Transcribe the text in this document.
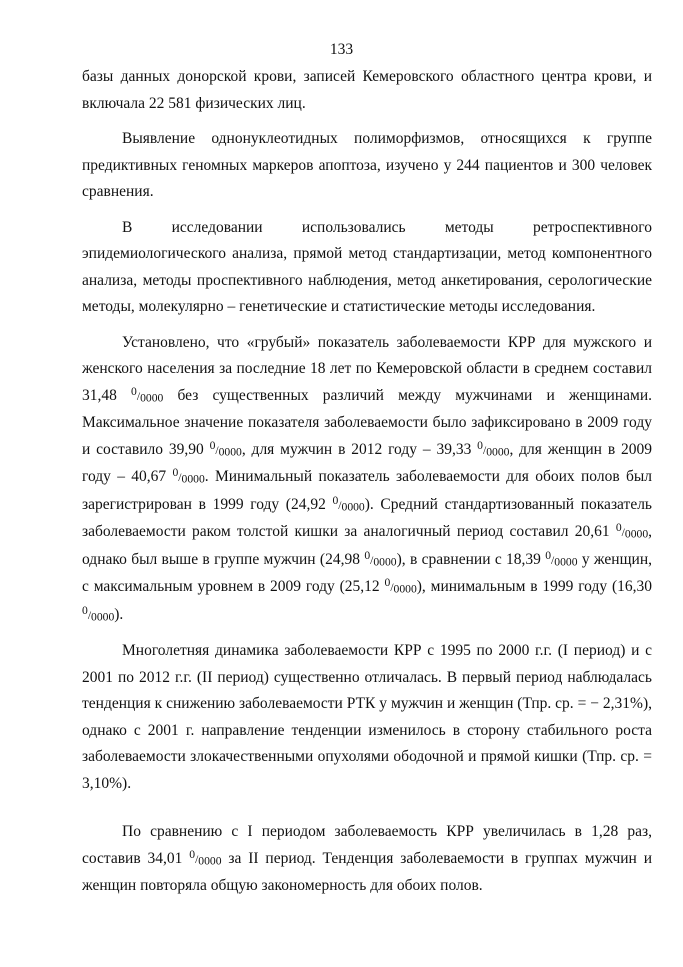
133

базы данных донорской крови, записей Кемеровского областного центра крови, и включала 22 581 физических лиц.

Выявление однонуклеотидных полиморфизмов, относящихся к группе предиктивных геномных маркеров апоптоза, изучено у 244 пациентов и 300 человек сравнения.

В исследовании использовались методы ретроспективного эпидемиологического анализа, прямой метод стандартизации, метод компонентного анализа, методы проспективного наблюдения, метод анкетирования, серологические методы, молекулярно – генетические и статистические методы исследования.

Установлено, что «грубый» показатель заболеваемости КРР для мужского и женского населения за последние 18 лет по Кемеровской области в среднем составил 31,48 $^0/_{0000}$ без существенных различий между мужчинами и женщинами. Максимальное значение показателя заболеваемости было зафиксировано в 2009 году и составило 39,90 $^0/_{0000}$, для мужчин в 2012 году – 39,33 $^0/_{0000}$, для женщин в 2009 году – 40,67 $^0/_{0000}$. Минимальный показатель заболеваемости для обоих полов был зарегистрирован в 1999 году (24,92 $^0/_{0000}$). Средний стандартизованный показатель заболеваемости раком толстой кишки за аналогичный период составил 20,61 $^0/_{0000}$, однако был выше в группе мужчин (24,98 $^0/_{0000}$), в сравнении с 18,39 $^0/_{0000}$ у женщин, с максимальным уровнем в 2009 году (25,12 $^0/_{0000}$), минимальным в 1999 году (16,30 $^0/_{0000}$).

Многолетняя динамика заболеваемости КРР с 1995 по 2000 г.г. (I период) и с 2001 по 2012 г.г. (II период) существенно отличалась. В первый период наблюдалась тенденция к снижению заболеваемости РТК у мужчин и женщин (Тпр. ср. = − 2,31%), однако с 2001 г. направление тенденции изменилось в сторону стабильного роста заболеваемости злокачественными опухолями ободочной и прямой кишки (Тпр. ср. = 3,10%).

По сравнению с I периодом заболеваемость КРР увеличилась в 1,28 раз, составив 34,01 $^0/_{0000}$ за II период. Тенденция заболеваемости в группах мужчин и женщин повторяла общую закономерность для обоих полов.
